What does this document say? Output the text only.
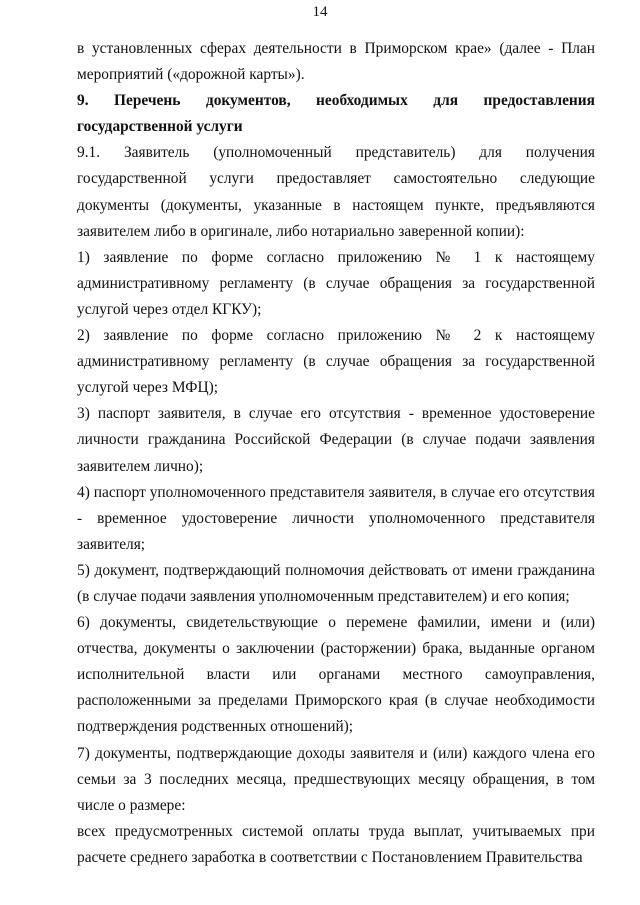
14

в установленных сферах деятельности в Приморском крае» (далее - План мероприятий («дорожной карты»).

9. Перечень документов, необходимых для предоставления государственной услуги

9.1. Заявитель (уполномоченный представитель) для получения государственной услуги предоставляет самостоятельно следующие документы (документы, указанные в настоящем пункте, предъявляются заявителем либо в оригинале, либо нотариально заверенной копии):

1) заявление по форме согласно приложению № 1 к настоящему административному регламенту (в случае обращения за государственной услугой через отдел КГКУ);

2) заявление по форме согласно приложению № 2 к настоящему административному регламенту (в случае обращения за государственной услугой через МФЦ);

3) паспорт заявителя, в случае его отсутствия - временное удостоверение личности гражданина Российской Федерации (в случае подачи заявления заявителем лично);

4) паспорт уполномоченного представителя заявителя, в случае его отсутствия - временное удостоверение личности уполномоченного представителя заявителя;

5) документ, подтверждающий полномочия действовать от имени гражданина (в случае подачи заявления уполномоченным представителем) и его копия;

6) документы, свидетельствующие о перемене фамилии, имени и (или) отчества, документы о заключении (расторжении) брака, выданные органом исполнительной власти или органами местного самоуправления, расположенными за пределами Приморского края (в случае необходимости подтверждения родственных отношений);

7) документы, подтверждающие доходы заявителя и (или) каждого члена его семьи за 3 последних месяца, предшествующих месяцу обращения, в том числе о размере:

всех предусмотренных системой оплаты труда выплат, учитываемых при расчете среднего заработка в соответствии с Постановлением Правительства
